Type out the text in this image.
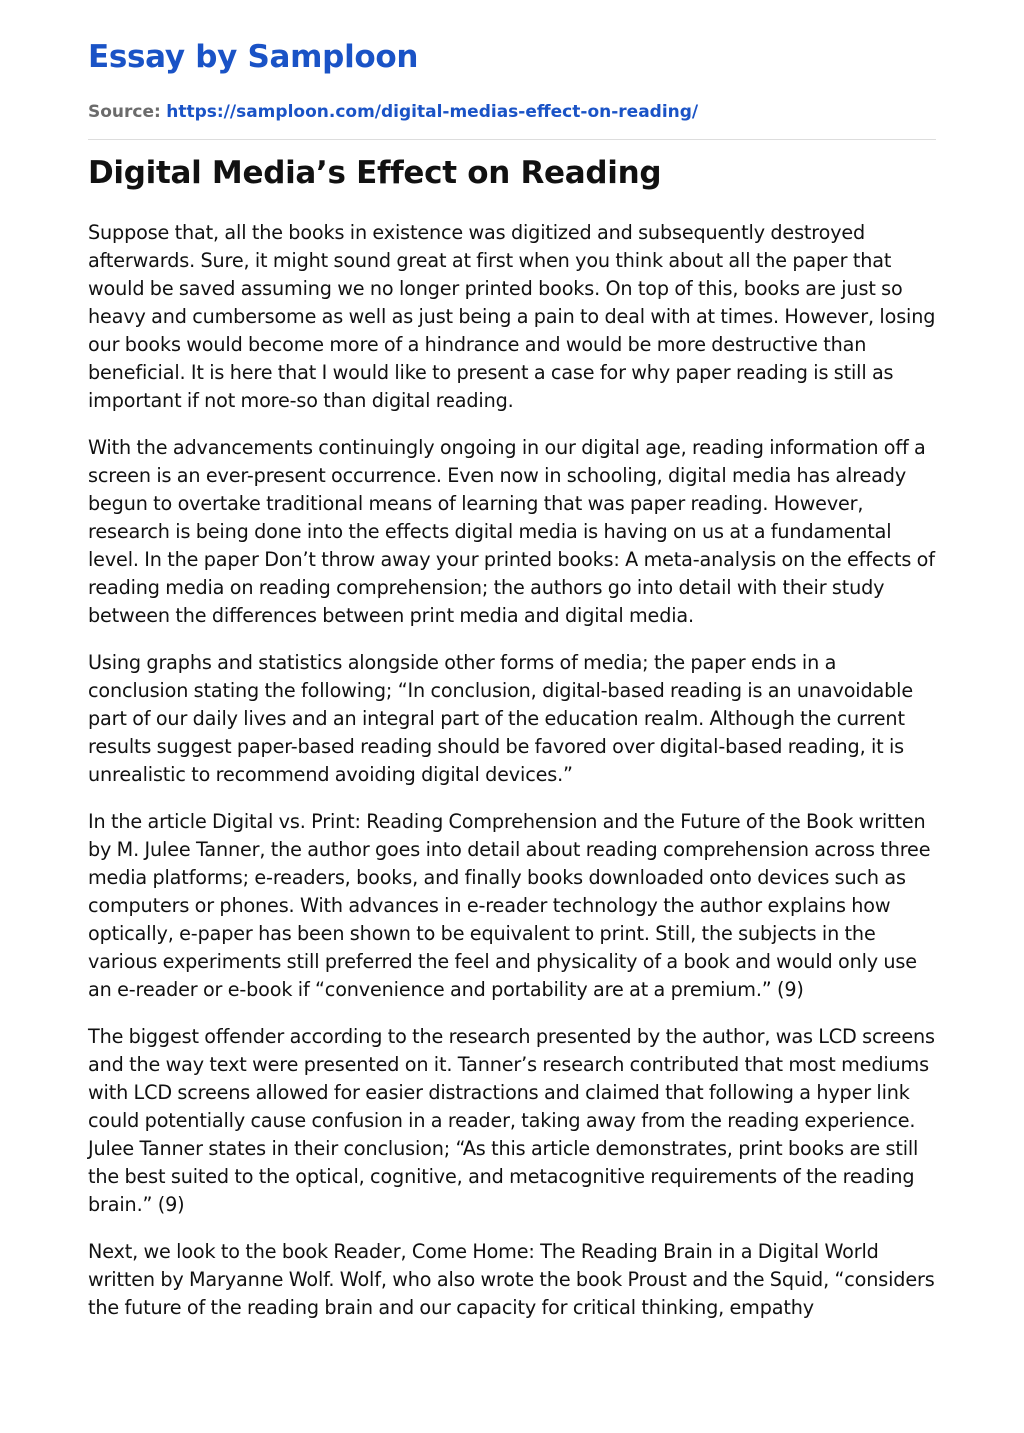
Essay by Samploon
Source: https://samploon.com/digital-medias-effect-on-reading/
Digital Media’s Effect on Reading

Suppose that, all the books in existence was digitized and subsequently destroyed afterwards. Sure, it might sound great at first when you think about all the paper that would be saved assuming we no longer printed books. On top of this, books are just so heavy and cumbersome as well as just being a pain to deal with at times. However, losing our books would become more of a hindrance and would be more destructive than beneficial. It is here that I would like to present a case for why paper reading is still as important if not more-so than digital reading.

With the advancements continuingly ongoing in our digital age, reading information off a screen is an ever-present occurrence. Even now in schooling, digital media has already begun to overtake traditional means of learning that was paper reading. However, research is being done into the effects digital media is having on us at a fundamental level. In the paper Don’t throw away your printed books: A meta-analysis on the effects of reading media on reading comprehension; the authors go into detail with their study between the differences between print media and digital media.

Using graphs and statistics alongside other forms of media; the paper ends in a conclusion stating the following; “In conclusion, digital-based reading is an unavoidable part of our daily lives and an integral part of the education realm. Although the current results suggest paper-based reading should be favored over digital-based reading, it is unrealistic to recommend avoiding digital devices.”

In the article Digital vs. Print: Reading Comprehension and the Future of the Book written by M. Julee Tanner, the author goes into detail about reading comprehension across three media platforms; e-readers, books, and finally books downloaded onto devices such as computers or phones. With advances in e-reader technology the author explains how optically, e-paper has been shown to be equivalent to print. Still, the subjects in the various experiments still preferred the feel and physicality of a book and would only use an e-reader or e-book if “convenience and portability are at a premium.” (9)

The biggest offender according to the research presented by the author, was LCD screens and the way text were presented on it. Tanner’s research contributed that most mediums with LCD screens allowed for easier distractions and claimed that following a hyper link could potentially cause confusion in a reader, taking away from the reading experience. Julee Tanner states in their conclusion; “As this article demonstrates, print books are still the best suited to the optical, cognitive, and metacognitive requirements of the reading brain.” (9)

Next, we look to the book Reader, Come Home: The Reading Brain in a Digital World written by Maryanne Wolf. Wolf, who also wrote the book Proust and the Squid, “considers the future of the reading brain and our capacity for critical thinking, empathy
